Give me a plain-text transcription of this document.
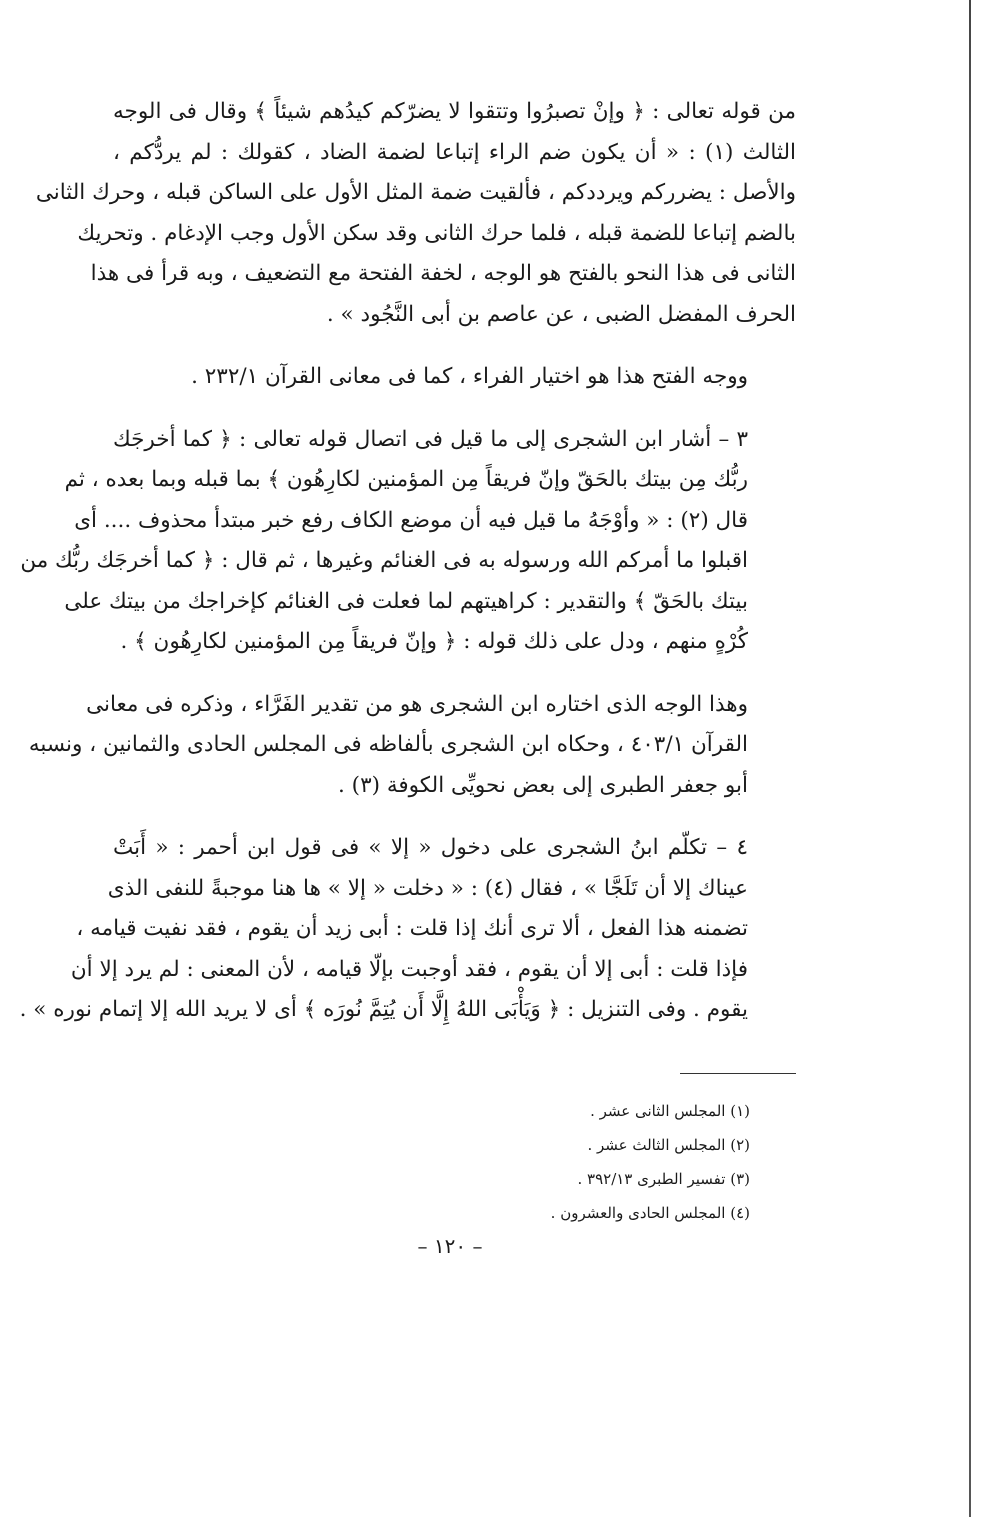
من قوله تعالى : ﴿ وإنْ تصبرُوا وتتقوا لا يضرّكم كيدُهم شيئاً ﴾ وقال فى الوجه
الثالث (١) : « أن يكون ضم الراء إتباعا لضمة الضاد ، كقولك : لم يردُّكم ،
والأصل : يضرركم ويرددكم ، فألقيت ضمة المثل الأول على الساكن قبله ، وحرك الثانى
بالضم إتباعا للضمة قبله ، فلما حرك الثانى وقد سكن الأول وجب الإدغام . وتحريك
الثانى فى هذا النحو بالفتح هو الوجه ، لخفة الفتحة مع التضعيف ، وبه قرأ فى هذا
الحرف المفضل الضبى ، عن عاصم بن أبى النَّجُود » .
ووجه الفتح هذا هو اختيار الفراء ، كما فى معانى القرآن ٢٣٢/١ .
٣ – أشار ابن الشجرى إلى ما قيل فى اتصال قوله تعالى : ﴿ كما أخرجَك
ربُّك مِن بيتك بالحَقّ وإنّ فريقاً مِن المؤمنين لكارِهُون ﴾ بما قبله وبما بعده ، ثم
قال (٢) : « وأوْجَهُ ما قيل فيه أن موضع الكاف رفع خبر مبتدأ محذوف .... أى
اقبلوا ما أمركم الله ورسوله به فى الغنائم وغيرها ، ثم قال : ﴿ كما أخرجَك ربُّك من
بيتك بالحَقّ ﴾ والتقدير : كراهيتهم لما فعلت فى الغنائم كإخراجك من بيتك على
كُرْهٍ منهم ، ودل على ذلك قوله : ﴿ وإنّ فريقاً مِن المؤمنين لكارِهُون ﴾ .
وهذا الوجه الذى اختاره ابن الشجرى هو من تقدير الفَرَّاء ، وذكره فى معانى
القرآن ٤٠٣/١ ، وحكاه ابن الشجرى بألفاظه فى المجلس الحادى والثمانين ، ونسبه
أبو جعفر الطبرى إلى بعض نحويِّى الكوفة (٣) .
٤ – تكلّم ابنُ الشجرى على دخول « إلا » فى قول ابن أحمر : « أَبَتْ
عيناك إلا أن تَلَجَّا » ، فقال (٤) : « دخلت « إلا » ها هنا موجبةً للنفى الذى
تضمنه هذا الفعل ، ألا ترى أنك إذا قلت : أبى زيد أن يقوم ، فقد نفيت قيامه ،
فإذا قلت : أبى إلا أن يقوم ، فقد أوجبت بإلّا قيامه ، لأن المعنى : لم يرد إلا أن
يقوم . وفى التنزيل : ﴿ وَيَأْبَى اللهُ إِلَّا أَن يُتِمَّ نُورَه ﴾ أى لا يريد الله إلا إتمام نوره » .
(١) المجلس الثانى عشر .
(٢) المجلس الثالث عشر .
(٣) تفسير الطبرى ٣٩٢/١٣ .
(٤) المجلس الحادى والعشرون .
– ١٢٠ –
